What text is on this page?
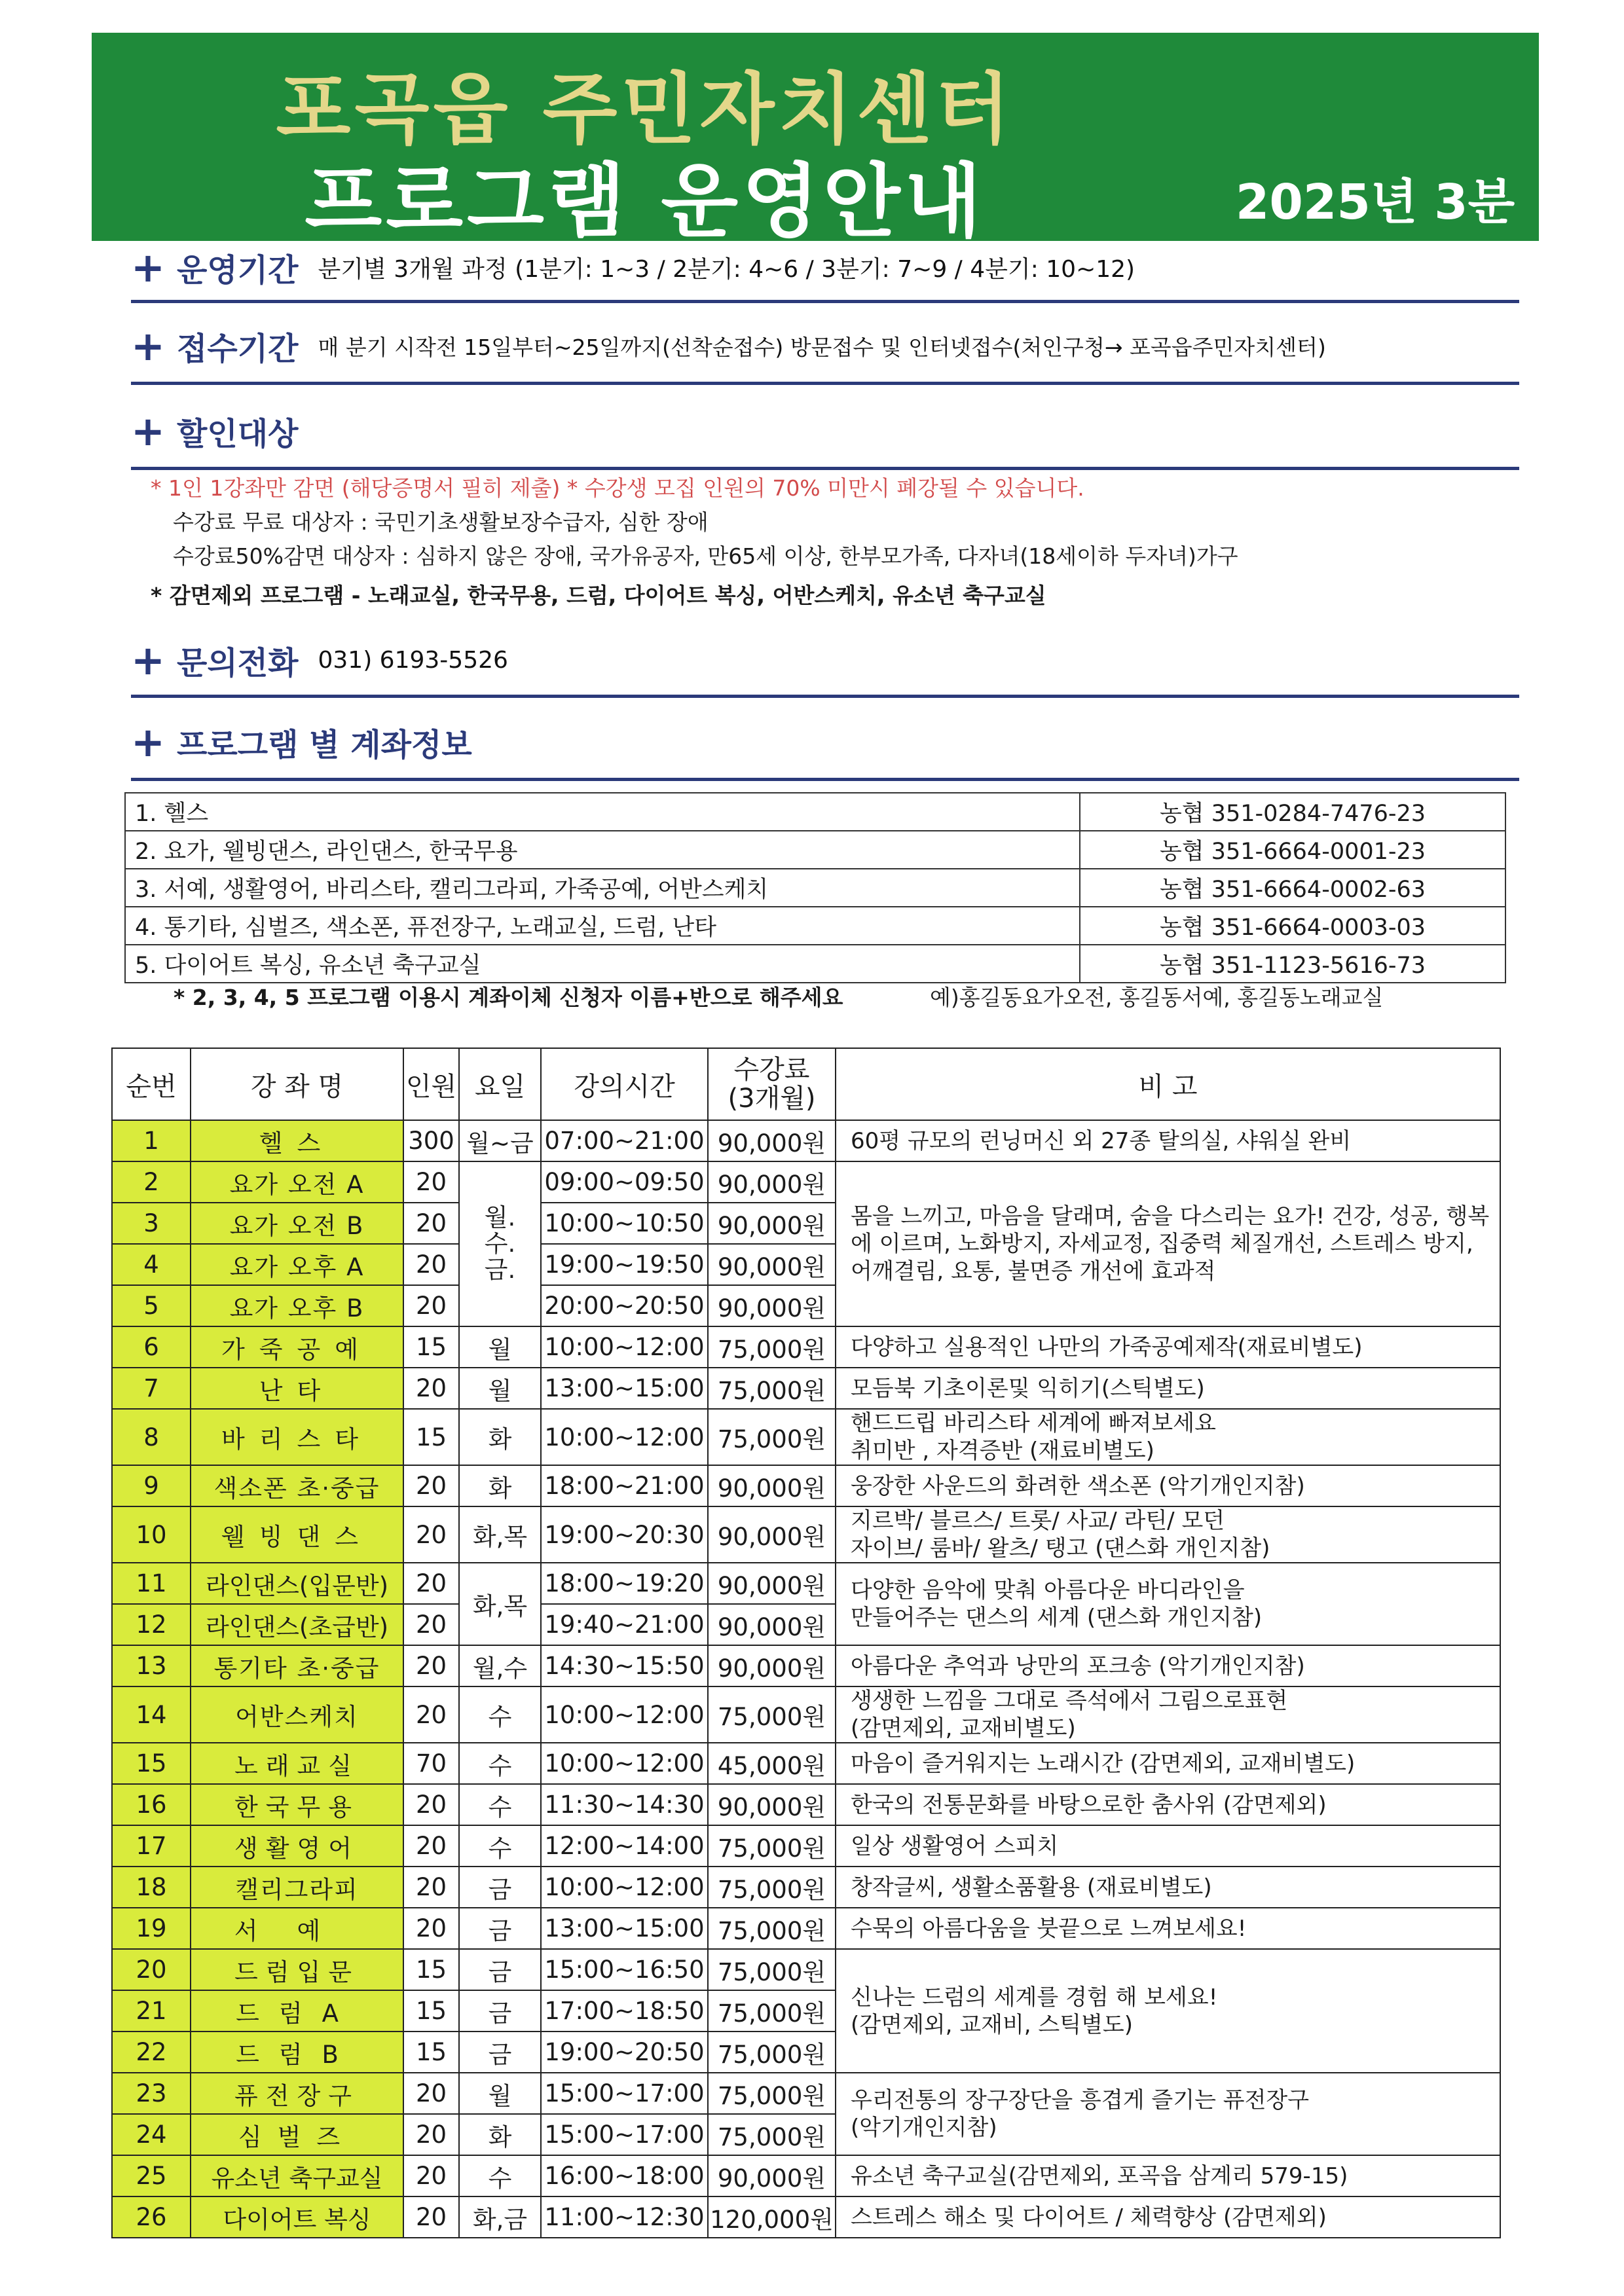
포곡읍 주민자치센터
프로그램 운영안내	2025년 3분기
+ 운영기간 분기별 3개월 과정 (1분기: 1~3 / 2분기: 4~6 / 3분기: 7~9 / 4분기: 10~12)
+ 접수기간 매 분기 시작전 15일부터~25일까지(선착순접수) 방문접수 및 인터넷접수(처인구청→ 포곡읍주민자치센터)
+ 할인대상
* 1인 1강좌만 감면 (해당증명서 필히 제출) * 수강생 모집 인원의 70% 미만시 폐강될 수 있습니다.
수강료 무료 대상자 : 국민기초생활보장수급자, 심한 장애
수강료50%감면 대상자 : 심하지 않은 장애, 국가유공자, 만65세 이상, 한부모가족, 다자녀(18세이하 두자녀)가구
* 감면제외 프로그램 - 노래교실, 한국무용, 드럼, 다이어트 복싱, 어반스케치, 유소년 축구교실
+ 문의전화 031) 6193-5526
+ 프로그램 별 계좌정보
1. 헬스	농협 351-0284-7476-23
2. 요가, 웰빙댄스, 라인댄스, 한국무용	농협 351-6664-0001-23
3. 서예, 생활영어, 바리스타, 캘리그라피, 가죽공예, 어반스케치	농협 351-6664-0002-63
4. 통기타, 심벌즈, 색소폰, 퓨전장구, 노래교실, 드럼, 난타	농협 351-6664-0003-03
5. 다이어트 복싱, 유소년 축구교실	농협 351-1123-5616-73
* 2, 3, 4, 5 프로그램 이용시 계좌이체 신청자 이름+반으로 해주세요	예)홍길동요가오전, 홍길동서예, 홍길동노래교실
순번	강 좌 명	인원	요일	강의시간	수강료
(3개월)	비 고
1	헬스	300	월~금	07:00~21:00	90,000원	60평 규모의 런닝머신 외 27종 탈의실, 샤워실 완비
2	요가 오전 A	20	월.
수.
금.	09:00~09:50	90,000원	몸을 느끼고, 마음을 달래며, 숨을 다스리는 요가! 건강, 성공, 행복에 이르며, 노화방지, 자세교정, 집중력 체질개선, 스트레스 방지, 어깨결림, 요통, 불면증 개선에 효과적
3	요가 오전 B	20		10:00~10:50	90,000원	
4	요가 오후 A	20		19:00~19:50	90,000원	
5	요가 오후 B	20		20:00~20:50	90,000원	
6	가죽공예	15	월	10:00~12:00	75,000원	다양하고 실용적인 나만의 가죽공예제작(재료비별도)
7	난타	20	월	13:00~15:00	75,000원	모듬북 기초이론및 익히기(스틱별도)
8	바리스타	15	화	10:00~12:00	75,000원	핸드드립 바리스타 세계에 빠져보세요
취미반 , 자격증반 (재료비별도)
9	색소폰 초·중급	20	화	18:00~21:00	90,000원	웅장한 사운드의 화려한 색소폰 (악기개인지참)
10	웰빙댄스	20	화,목	19:00~20:30	90,000원	지르박/ 블르스/ 트롯/ 사교/ 라틴/ 모던
자이브/ 룸바/ 왈츠/ 탱고 (댄스화 개인지참)
11	라인댄스(입문반)	20	화,목	18:00~19:20	90,000원	다양한 음악에 맞춰 아름다운 바디라인을
만들어주는 댄스의 세계 (댄스화 개인지참)
12	라인댄스(초급반)	20		19:40~21:00	90,000원	
13	통기타 초·중급	20	월,수	14:30~15:50	90,000원	아름다운 추억과 낭만의 포크송 (악기개인지참)
14	어반스케치	20	수	10:00~12:00	75,000원	생생한 느낌을 그대로 즉석에서 그림으로표현
(감면제외, 교재비별도)
15	노래교실	70	수	10:00~12:00	45,000원	마음이 즐거워지는 노래시간 (감면제외, 교재비별도)
16	한국무용	20	수	11:30~14:30	90,000원	한국의 전통문화를 바탕으로한 춤사위 (감면제외)
17	생활영어	20	수	12:00~14:00	75,000원	일상 생활영어 스피치
18	캘리그라피	20	금	10:00~12:00	75,000원	창작글씨, 생활소품활용 (재료비별도)
19	서예	20	금	13:00~15:00	75,000원	수묵의 아름다움을 붓끝으로 느껴보세요!
20	드럼입문	15	금	15:00~16:50	75,000원	신나는 드럼의 세계를 경험 해 보세요!
(감면제외, 교재비, 스틱별도)
21	드럼A	15	금	17:00~18:50	75,000원	
22	드럼B	15	금	19:00~20:50	75,000원	
23	퓨전장구	20	월	15:00~17:00	75,000원	우리전통의 장구장단을 흥겹게 즐기는 퓨전장구
(악기개인지참)
24	심벌즈	20	화	15:00~17:00	75,000원	
25	유소년 축구교실	20	수	16:00~18:00	90,000원	유소년 축구교실(감면제외, 포곡읍 삼계리 579-15)
26	다이어트 복싱	20	화,금	11:00~12:30	120,000원	스트레스 해소 및 다이어트 / 체력향상 (감면제외)
